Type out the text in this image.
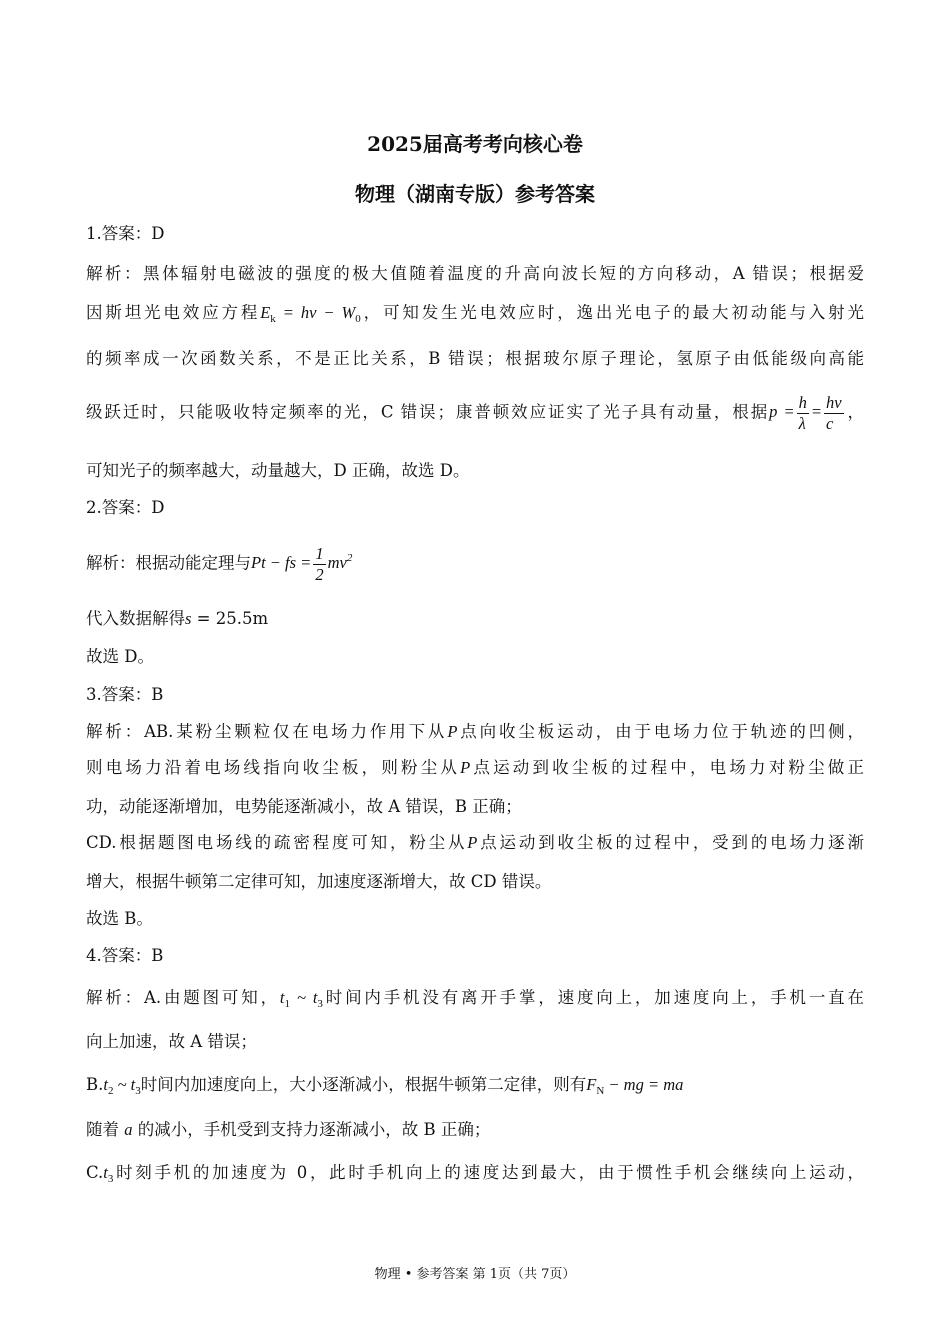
2025届高考考向核心卷
物理（湖南专版）参考答案
1.答案：D
解析：黑体辐射电磁波的强度的极大值随着温度的升高向波长短的方向移动，A 错误；根据爱
因斯坦光电效应方程$E_k = h\nu - W_0$，可知发生光电效应时，逸出光电子的最大初动能与入射光
的频率成一次函数关系，不是正比关系，B 错误；根据玻尔原子理论，氢原子由低能级向高能
级跃迁时，只能吸收特定频率的光，C 错误；康普顿效应证实了光子具有动量，根据$p = \frac{h}{\lambda} = \frac{h\nu}{c}$ ，
可知光子的频率越大，动量越大，D 正确，故选 D。
2.答案：D
解析：根据动能定理与Pt − fs = $\frac{1}{2} mv^2$
代入数据解得s = 25.5m
故选 D。
3.答案：B
解析：AB.某粉尘颗粒仅在电场力作用下从P点向收尘板运动，由于电场力位于轨迹的凹侧，
则电场力沿着电场线指向收尘板，则粉尘从P点运动到收尘板的过程中，电场力对粉尘做正
功，动能逐渐增加，电势能逐渐减小，故 A 错误，B 正确；
CD.根据题图电场线的疏密程度可知，粉尘从P点运动到收尘板的过程中，受到的电场力逐渐
增大，根据牛顿第二定律可知，加速度逐渐增大，故 CD 错误。
故选 B。
4.答案：B
解析：A.由题图可知，$t_1$ ~ $t_3$时间内手机没有离开手掌，速度向上，加速度向上，手机一直在
向上加速，故 A 错误；
$B.t_2$ ~ $t_3$时间内加速度向上，大小逐渐减小，根据牛顿第二定律，则有$F_N$ − mg = ma
随着 a 的减小，手机受到支持力逐渐减小，故 B 正确；
$C.t_3$时刻手机的加速度为 0，此时手机向上的速度达到最大，由于惯性手机会继续向上运动，
物理 • 参考答案 第 1页（共 7页）
